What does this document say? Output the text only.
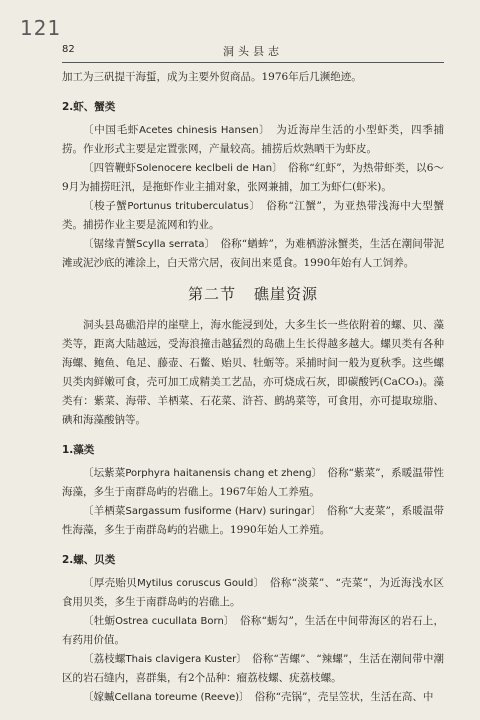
121
82	洞头县志

加工为三矾提干海蜇，成为主要外贸商品。1976年后几濒绝迹。

2.虾、蟹类

〔中国毛虾Acetes chinesis Hansen〕　 为近海岸生活的小型虾类，四季捕捞。作业形式主要是定置张网，产量较高。捕捞后炊熟晒干为虾皮。

〔四管鞭虾Solenocere keclbeli de Han〕　 俗称“红虾”，为热带虾类，以6～9月为捕捞旺汛，是拖虾作业主捕对象，张网兼捕，加工为虾仁(虾米)。

〔梭子蟹Portunus trituberculatus〕　 俗称“江蟹”，为亚热带浅海中大型蟹类。捕捞作业主要是流网和钓业。

〔锯缘青蟹Scylla serrata〕　 俗称“蝤蛑”，为难栖游泳蟹类，生活在潮间带泥滩或泥沙底的滩涂上，白天常穴居，夜间出来觅食。1990年始有人工饲养。

第二节 礁崖资源

洞头县岛礁沿岸的崖壁上，海水能浸到处，大多生长一些依附着的螺、贝、藻类等，距离大陆越远，受海浪撞击越猛烈的岛礁上生长得越多越大。螺贝类有各种海螺、鲍鱼、龟足、藤壶、石鳖、贻贝、牡蛎等。采捕时间一般为夏秋季。这些螺贝类肉鲜嫩可食，壳可加工成精美工艺品，亦可烧成石灰，即碳酸钙(CaCO₃)。藻类有：紫菜、海带、羊栖菜、石花菜、浒苔、鹧鸪菜等，可食用，亦可提取琼脂、碘和海藻酸钠等。

1.藻类

〔坛紫菜Porphyra haitanensis chang et zheng〕　 俗称“紫菜”，系暖温带性海藻，多生于南群岛屿的岩礁上。1967年始人工养殖。

〔羊栖菜Sargassum fusiforme (Harv) suringar〕　 俗称“大麦菜”，系暖温带性海藻，多生于南群岛屿的岩礁上。1990年始人工养殖。

2.螺、贝类

〔厚壳贻贝Mytilus coruscus Gould〕　 俗称“淡菜”、“壳菜”，为近海浅水区食用贝类，多生于南群岛屿的岩礁上。

〔牡蛎Ostrea cucullata Born〕　 俗称“蛎勾”，生活在中间带海区的岩石上，有药用价值。

〔荔枝螺Thais clavigera Kuster〕　 俗称“苦螺”、“辣螺”，生活在潮间带中潮区的岩石缝内，喜群集，有2个品种：瘤荔枝螺、疣荔枝螺。

〔嫁蝛Cellana toreume (Reeve)〕　 俗称“壳锅”，壳呈笠状，生活在高、中
